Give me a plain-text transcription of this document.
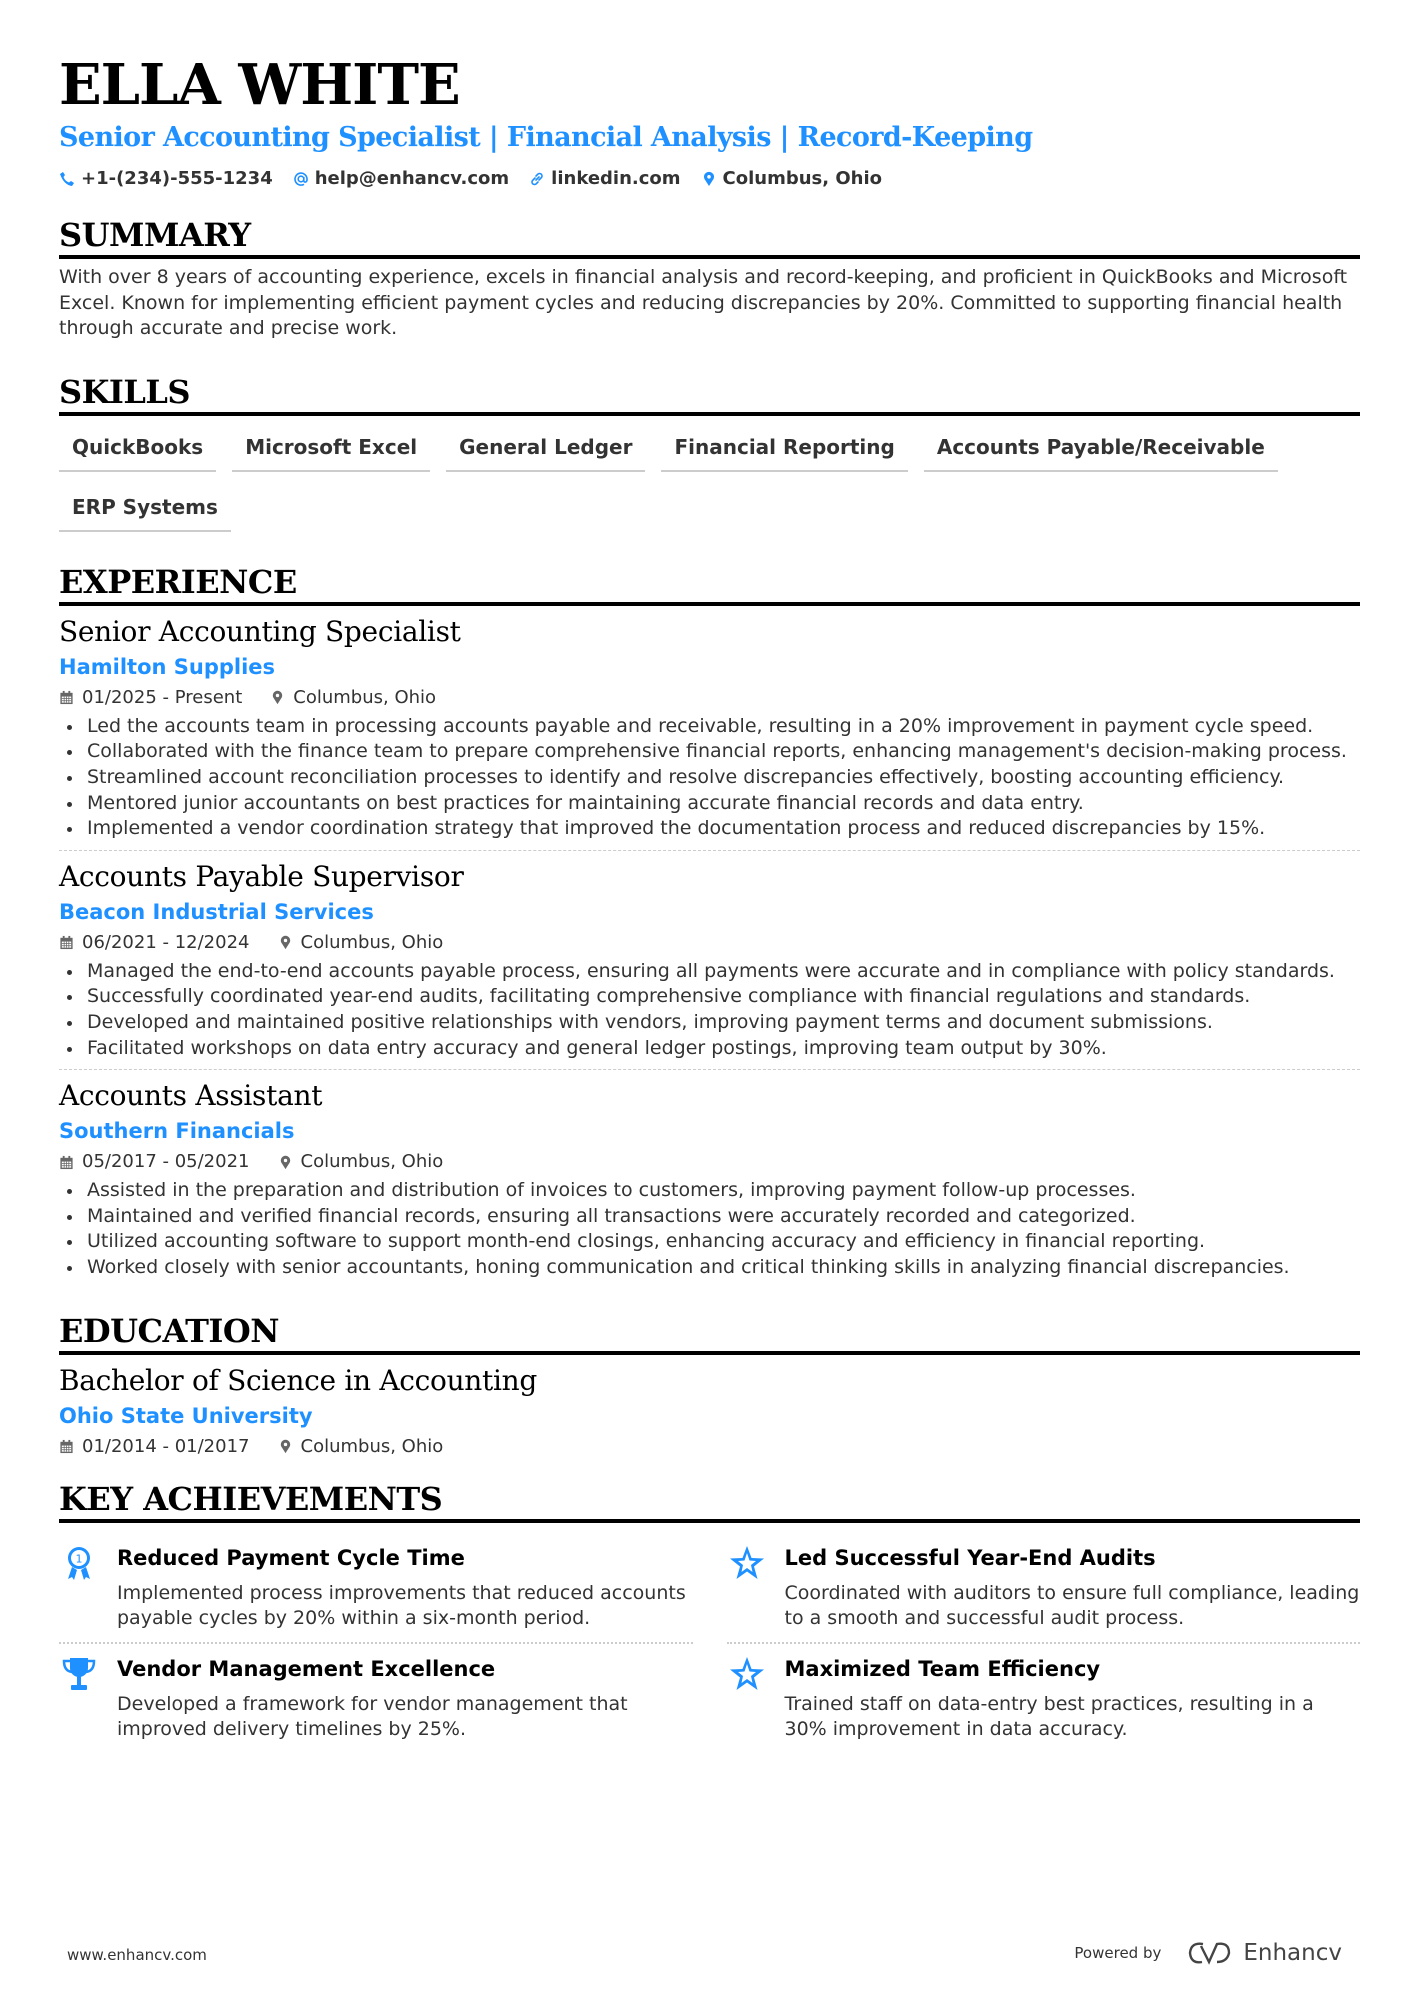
ELLA WHITE
Senior Accounting Specialist | Financial Analysis | Record-Keeping
+1-(234)-555-1234 help@enhancv.com linkedin.com Columbus, Ohio
SUMMARY
With over 8 years of accounting experience, excels in financial analysis and record-keeping, and proficient in QuickBooks and Microsoft Excel. Known for implementing efficient payment cycles and reducing discrepancies by 20%. Committed to supporting financial health through accurate and precise work.
SKILLS
QuickBooks	Microsoft Excel	General Ledger	Financial Reporting	Accounts Payable/Receivable
ERP Systems
EXPERIENCE
Senior Accounting Specialist
Hamilton Supplies
01/2025 - Present	Columbus, Ohio
Led the accounts team in processing accounts payable and receivable, resulting in a 20% improvement in payment cycle speed.
Collaborated with the finance team to prepare comprehensive financial reports, enhancing management's decision-making process.
Streamlined account reconciliation processes to identify and resolve discrepancies effectively, boosting accounting efficiency.
Mentored junior accountants on best practices for maintaining accurate financial records and data entry.
Implemented a vendor coordination strategy that improved the documentation process and reduced discrepancies by 15%.
Accounts Payable Supervisor
Beacon Industrial Services
06/2021 - 12/2024	Columbus, Ohio
Managed the end-to-end accounts payable process, ensuring all payments were accurate and in compliance with policy standards.
Successfully coordinated year-end audits, facilitating comprehensive compliance with financial regulations and standards.
Developed and maintained positive relationships with vendors, improving payment terms and document submissions.
Facilitated workshops on data entry accuracy and general ledger postings, improving team output by 30%.
Accounts Assistant
Southern Financials
05/2017 - 05/2021	Columbus, Ohio
Assisted in the preparation and distribution of invoices to customers, improving payment follow-up processes.
Maintained and verified financial records, ensuring all transactions were accurately recorded and categorized.
Utilized accounting software to support month-end closings, enhancing accuracy and efficiency in financial reporting.
Worked closely with senior accountants, honing communication and critical thinking skills in analyzing financial discrepancies.
EDUCATION
Bachelor of Science in Accounting
Ohio State University
01/2014 - 01/2017	Columbus, Ohio
KEY ACHIEVEMENTS
1 Reduced Payment Cycle Time
Implemented process improvements that reduced accounts payable cycles by 20% within a six-month period.
Led Successful Year-End Audits
Coordinated with auditors to ensure full compliance, leading to a smooth and successful audit process.
Vendor Management Excellence
Developed a framework for vendor management that improved delivery timelines by 25%.
Maximized Team Efficiency
Trained staff on data-entry best practices, resulting in a 30% improvement in data accuracy.
www.enhancv.com	Powered by	Enhancv
